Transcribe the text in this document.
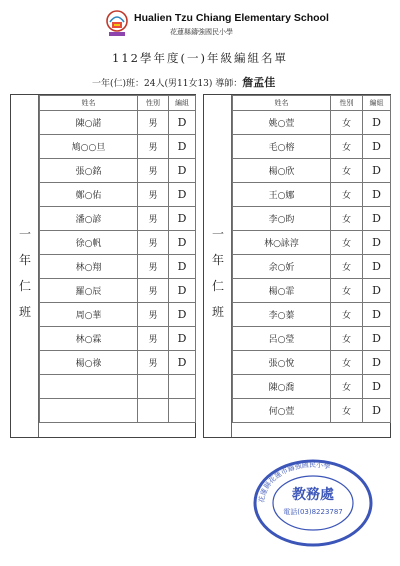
Hualien Tzu Chiang Elementary School
花蓮縣鑄強國民小學
112學年度(一)年級編組名單
一年(仁)班：24人(男11女13) 導師：詹孟佳
一
年
仁
班
姓名	性別	編組
陳○諾	男	D
鳩○○旦	男	D
張○銘	男	D
鄭○佑	男	D
潘○諺	男	D
徐○帆	男	D
林○翔	男	D
羅○辰	男	D
周○華	男	D
林○霖	男	D
楊○祿	男	D

一
年
仁
班
姓名	性別	編組
姚○萱	女	D
毛○榕	女	D
楊○欣	女	D
王○娜	女	D
李○昀	女	D
林○詠淳	女	D
余○妡	女	D
楊○霏	女	D
李○蓁	女	D
呂○瑩	女	D
張○悅	女	D
陳○喬	女	D
何○萱	女	D
花蓮縣花蓮市鑄強國民小學
教務處
電話(03)8223787
